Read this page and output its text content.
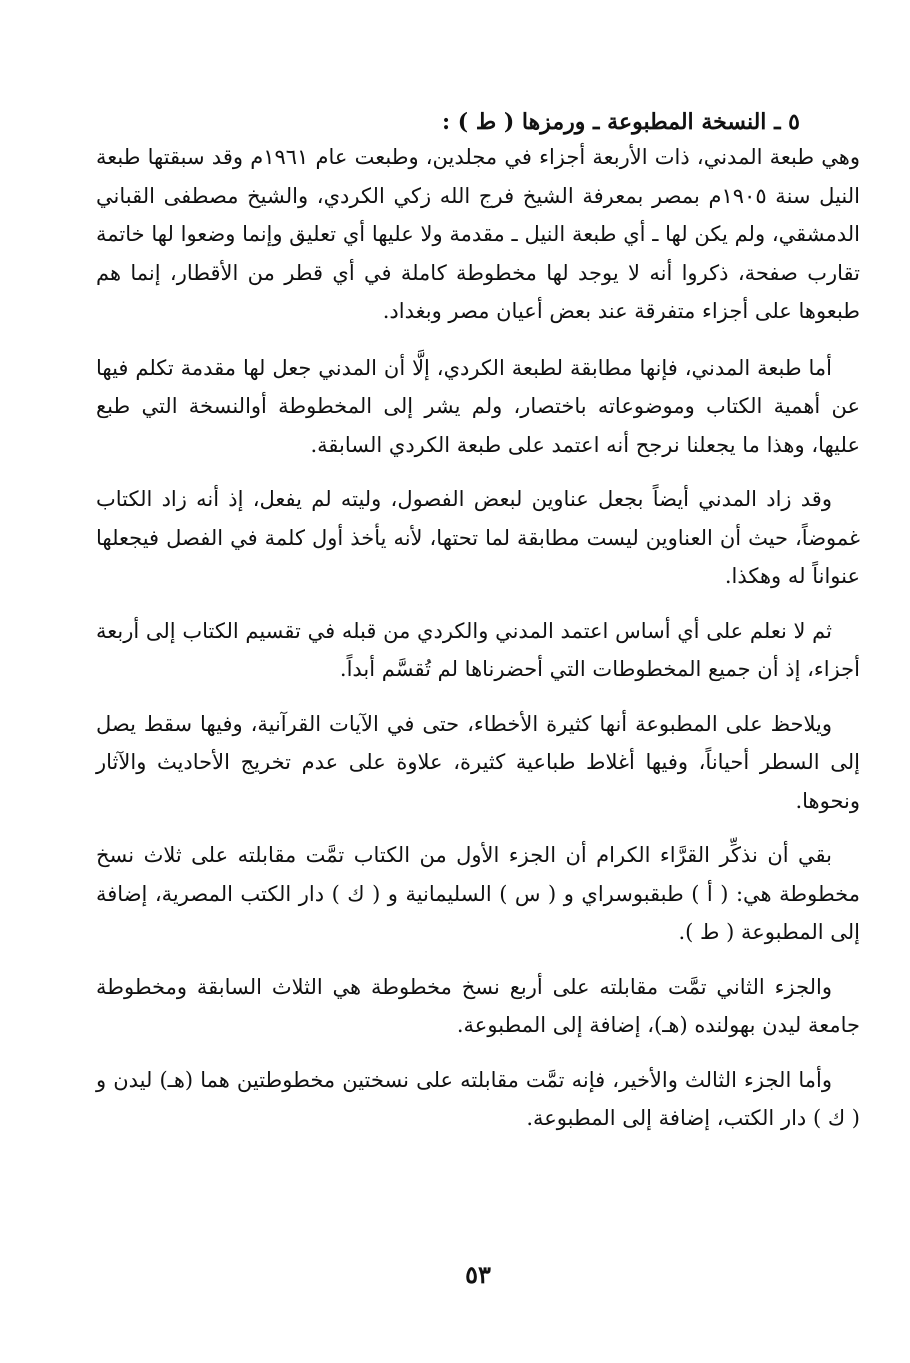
٥ ـ النسخة المطبوعة ـ ورمزها ( ط ) :

وهي طبعة المدني، ذات الأربعة أجزاء في مجلدين، وطبعت عام ١٩٦١م وقد سبقتها طبعة النيل سنة ١٩٠٥م بمصر بمعرفة الشيخ فرج الله زكي الكردي، والشيخ مصطفى القباني الدمشقي، ولم يكن لها ـ أي طبعة النيل ـ مقدمة ولا عليها أي تعليق وإنما وضعوا لها خاتمة تقارب صفحة، ذكروا أنه لا يوجد لها مخطوطة كاملة في أي قطر من الأقطار، إنما هم طبعوها على أجزاء متفرقة عند بعض أعيان مصر وبغداد.

أما طبعة المدني، فإنها مطابقة لطبعة الكردي، إلَّا أن المدني جعل لها مقدمة تكلم فيها عن أهمية الكتاب وموضوعاته باختصار، ولم يشر إلى المخطوطة أوالنسخة التي طبع عليها، وهذا ما يجعلنا نرجح أنه اعتمد على طبعة الكردي السابقة.

وقد زاد المدني أيضاً بجعل عناوين لبعض الفصول، وليته لم يفعل، إذ أنه زاد الكتاب غموضاً، حيث أن العناوين ليست مطابقة لما تحتها، لأنه يأخذ أول كلمة في الفصل فيجعلها عنواناً له وهكذا.

ثم لا نعلم على أي أساس اعتمد المدني والكردي من قبله في تقسيم الكتاب إلى أربعة أجزاء، إذ أن جميع المخطوطات التي أحضرناها لم تُقسَّم أبداً.

ويلاحظ على المطبوعة أنها كثيرة الأخطاء، حتى في الآيات القرآنية، وفيها سقط يصل إلى السطر أحياناً، وفيها أغلاط طباعية كثيرة، علاوة على عدم تخريج الأحاديث والآثار ونحوها.

بقي أن نذكِّر القرَّاء الكرام أن الجزء الأول من الكتاب تمَّت مقابلته على ثلاث نسخ مخطوطة هي: ( أ ) طبقبوسراي و ( س ) السليمانية و ( ك ) دار الكتب المصرية، إضافة إلى المطبوعة ( ط ).

والجزء الثاني تمَّت مقابلته على أربع نسخ مخطوطة هي الثلاث السابقة ومخطوطة جامعة ليدن بهولنده (هـ)، إضافة إلى المطبوعة.

وأما الجزء الثالث والأخير، فإنه تمَّت مقابلته على نسختين مخطوطتين هما (هـ) ليدن و ( ك ) دار الكتب، إضافة إلى المطبوعة.

٥٣
